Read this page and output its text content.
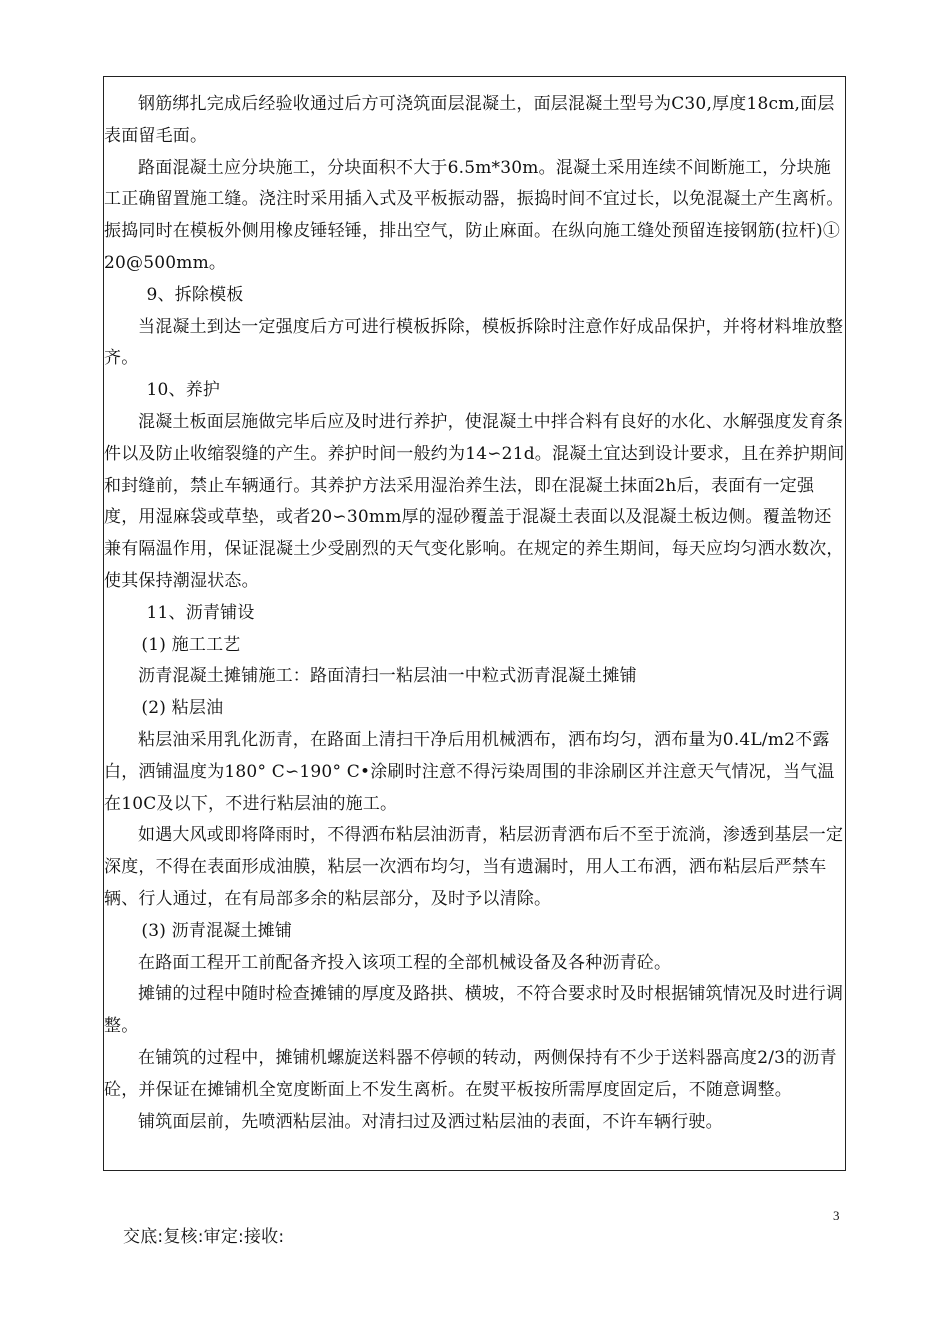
钢筋绑扎完成后经验收通过后方可浇筑面层混凝土，面层混凝土型号为C30,厚度18cm,面层表面留毛面。

路面混凝土应分块施工，分块面积不大于6.5m*30m。混凝土采用连续不间断施工，分块施工正确留置施工缝。浇注时采用插入式及平板振动器，振捣时间不宜过长，以免混凝土产生离析。振捣同时在模板外侧用橡皮锤轻锤，排出空气，防止麻面。在纵向施工缝处预留连接钢筋(拉杆)①20@500mm。

9、拆除模板

当混凝土到达一定强度后方可进行模板拆除，模板拆除时注意作好成品保护，并将材料堆放整齐。

10、养护

混凝土板面层施做完毕后应及时进行养护，使混凝土中拌合料有良好的水化、水解强度发育条件以及防止收缩裂缝的产生。养护时间一般约为14∽21d。混凝土宜达到设计要求，且在养护期间和封缝前，禁止车辆通行。其养护方法采用湿治养生法，即在混凝土抹面2h后，表面有一定强度，用湿麻袋或草垫，或者20∽30mm厚的湿砂覆盖于混凝土表面以及混凝土板边侧。覆盖物还兼有隔温作用，保证混凝土少受剧烈的天气变化影响。在规定的养生期间，每天应均匀洒水数次，使其保持潮湿状态。

11、沥青铺设

(1) 施工工艺

沥青混凝土摊铺施工：路面清扫一粘层油一中粒式沥青混凝土摊铺

(2) 粘层油

粘层油采用乳化沥青，在路面上清扫干净后用机械洒布，洒布均匀，洒布量为0.4L/m2不露白，洒铺温度为180° C∽190° C•涂刷时注意不得污染周围的非涂刷区并注意天气情况，当气温在10C及以下，不进行粘层油的施工。

如遇大风或即将降雨时，不得洒布粘层油沥青，粘层沥青洒布后不至于流淌，渗透到基层一定深度，不得在表面形成油膜，粘层一次洒布均匀，当有遗漏时，用人工布洒，洒布粘层后严禁车辆、行人通过，在有局部多余的粘层部分，及时予以清除。

(3) 沥青混凝土摊铺

在路面工程开工前配备齐投入该项工程的全部机械设备及各种沥青砼。

摊铺的过程中随时检查摊铺的厚度及路拱、横坡，不符合要求时及时根据铺筑情况及时进行调整。

在铺筑的过程中，摊铺机螺旋送料器不停顿的转动，两侧保持有不少于送料器高度2/3的沥青砼，并保证在摊铺机全宽度断面上不发生离析。在熨平板按所需厚度固定后，不随意调整。

铺筑面层前，先喷洒粘层油。对清扫过及洒过粘层油的表面，不许车辆行驶。

3
交底:复核:审定:接收:
